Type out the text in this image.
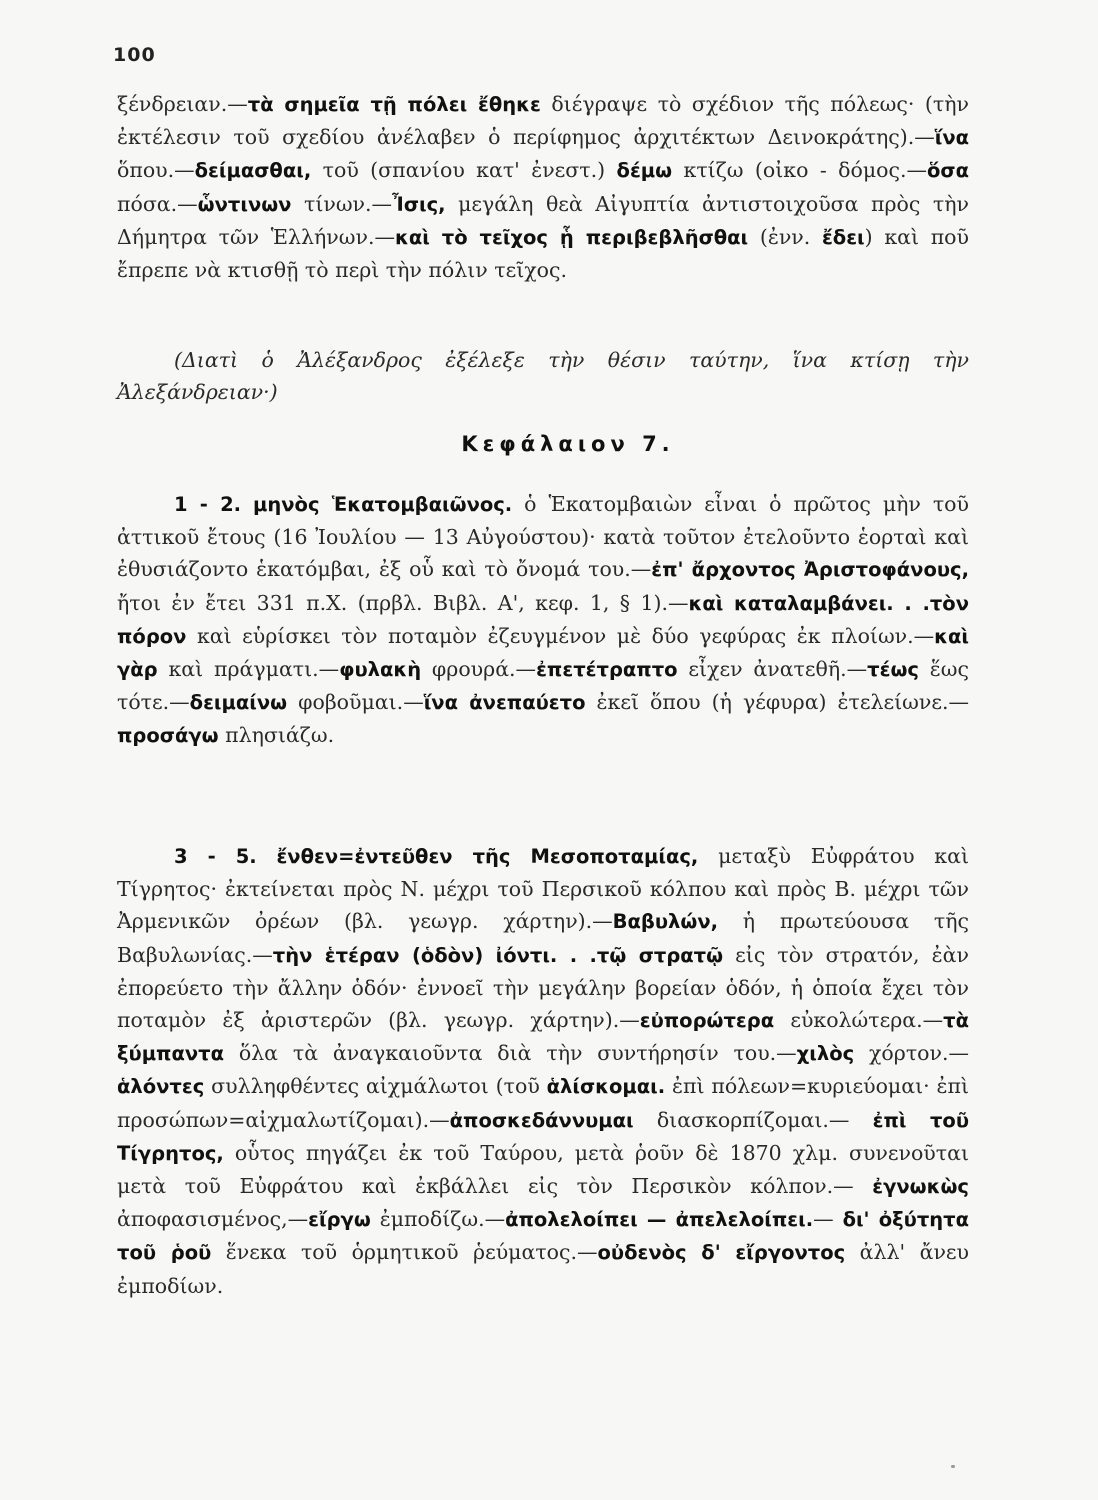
100

ξένδρειαν.—τὰ σημεῖα τῇ πόλει ἔθηκε διέγραψε τὸ σχέδιον τῆς πόλεως· (τὴν ἐκτέλεσιν τοῦ σχεδίου ἀνέλαβεν ὁ περίφημος ἀρχιτέκτων Δεινοκράτης).—ἵνα ὅπου.—δείμασθαι, τοῦ (σπανίου κατ' ἐνεστ.) δέμω κτίζω (οἰκο - δόμος.—ὅσα πόσα.—ὧντινων τίνων.—Ἶσις, μεγάλη θεὰ Αἰγυπτία ἀντιστοιχοῦσα πρὸς τὴν Δήμητρα τῶν Ἑλλήνων.—καὶ τὸ τεῖχος ᾗ περιβεβλῆσθαι (ἐνν. ἔδει) καὶ ποῦ ἔπρεπε νὰ κτισθῇ τὸ περὶ τὴν πόλιν τεῖχος.

(Διατὶ ὁ Ἀλέξανδρος ἐξέλεξε τὴν θέσιν ταύτην, ἵνα κτίσῃ τὴν Ἀλεξάνδρειαν·)

Κεφάλαιον 7.

1 - 2. μηνὸς Ἑκατομβαιῶνος. ὁ Ἑκατομβαιὼν εἶναι ὁ πρῶτος μὴν τοῦ ἀττικοῦ ἔτους (16 Ἰουλίου — 13 Αὐγούστου)· κατὰ τοῦτον ἐτελοῦντο ἑορταὶ καὶ ἐθυσιάζοντο ἑκατόμβαι, ἐξ οὗ καὶ τὸ ὄνομά του.—ἐπ' ἄρχοντος Ἀριστοφάνους, ἤτοι ἐν ἔτει 331 π.Χ. (πρβλ. Βιβλ. Α', κεφ. 1, § 1).—καὶ καταλαμβάνει. . .τὸν πόρον καὶ εὑρίσκει τὸν ποταμὸν ἐζευγμένον μὲ δύο γεφύρας ἐκ πλοίων.—καὶ γὰρ καὶ πράγματι.—φυλακὴ φρουρά.—ἐπετέτραπτο εἶχεν ἀνατεθῆ.—τέως ἕως τότε.—δειμαίνω φοβοῦμαι.—ἵνα ἀνεπαύετο ἐκεῖ ὅπου (ἡ γέφυρα) ἐτελείωνε.—προσάγω πλησιάζω.

3 - 5. ἔνθεν=ἐντεῦθεν τῆς Μεσοποταμίας, μεταξὺ Εὐφράτου καὶ Τίγρητος· ἐκτείνεται πρὸς Ν. μέχρι τοῦ Περσικοῦ κόλπου καὶ πρὸς Β. μέχρι τῶν Ἀρμενικῶν ὀρέων (βλ. γεωγρ. χάρτην).—Βαβυλών, ἡ πρωτεύουσα τῆς Βαβυλωνίας.—τὴν ἑτέραν (ὁδὸν) ἰόντι. . .τῷ στρατῷ εἰς τὸν στρατόν, ἐὰν ἐπορεύετο τὴν ἄλλην ὁδόν· ἐννοεῖ τὴν μεγάλην βορείαν ὁδόν, ἡ ὁποία ἔχει τὸν ποταμὸν ἐξ ἀριστερῶν (βλ. γεωγρ. χάρτην).—εὐπορώτερα εὐκολώτερα.—τὰ ξύμπαντα ὅλα τὰ ἀναγκαιοῦντα διὰ τὴν συντήρησίν του.—χιλὸς χόρτον.—ἁλόντες συλληφθέντες αἰχμάλωτοι (τοῦ ἁλίσκομαι. ἐπὶ πόλεων=κυριεύομαι· ἐπὶ προσώπων=αἰχμαλωτίζομαι).—ἀποσκεδάννυμαι διασκορπίζομαι.— ἐπὶ τοῦ Τίγρητος, οὗτος πηγάζει ἐκ τοῦ Ταύρου, μετὰ ῥοῦν δὲ 1870 χλμ. συνενοῦται μετὰ τοῦ Εὐφράτου καὶ ἐκβάλλει εἰς τὸν Περσικὸν κόλπον.— ἐγνωκὼς ἀποφασισμένος,—εἴργω ἐμποδίζω.—ἀπολελοίπει — ἀπελελοίπει.— δι' ὀξύτητα τοῦ ῥοῦ ἕνεκα τοῦ ὁρμητικοῦ ῥεύματος.—οὐδενὸς δ' εἴργοντος ἀλλ' ἄνευ ἐμποδίων.
